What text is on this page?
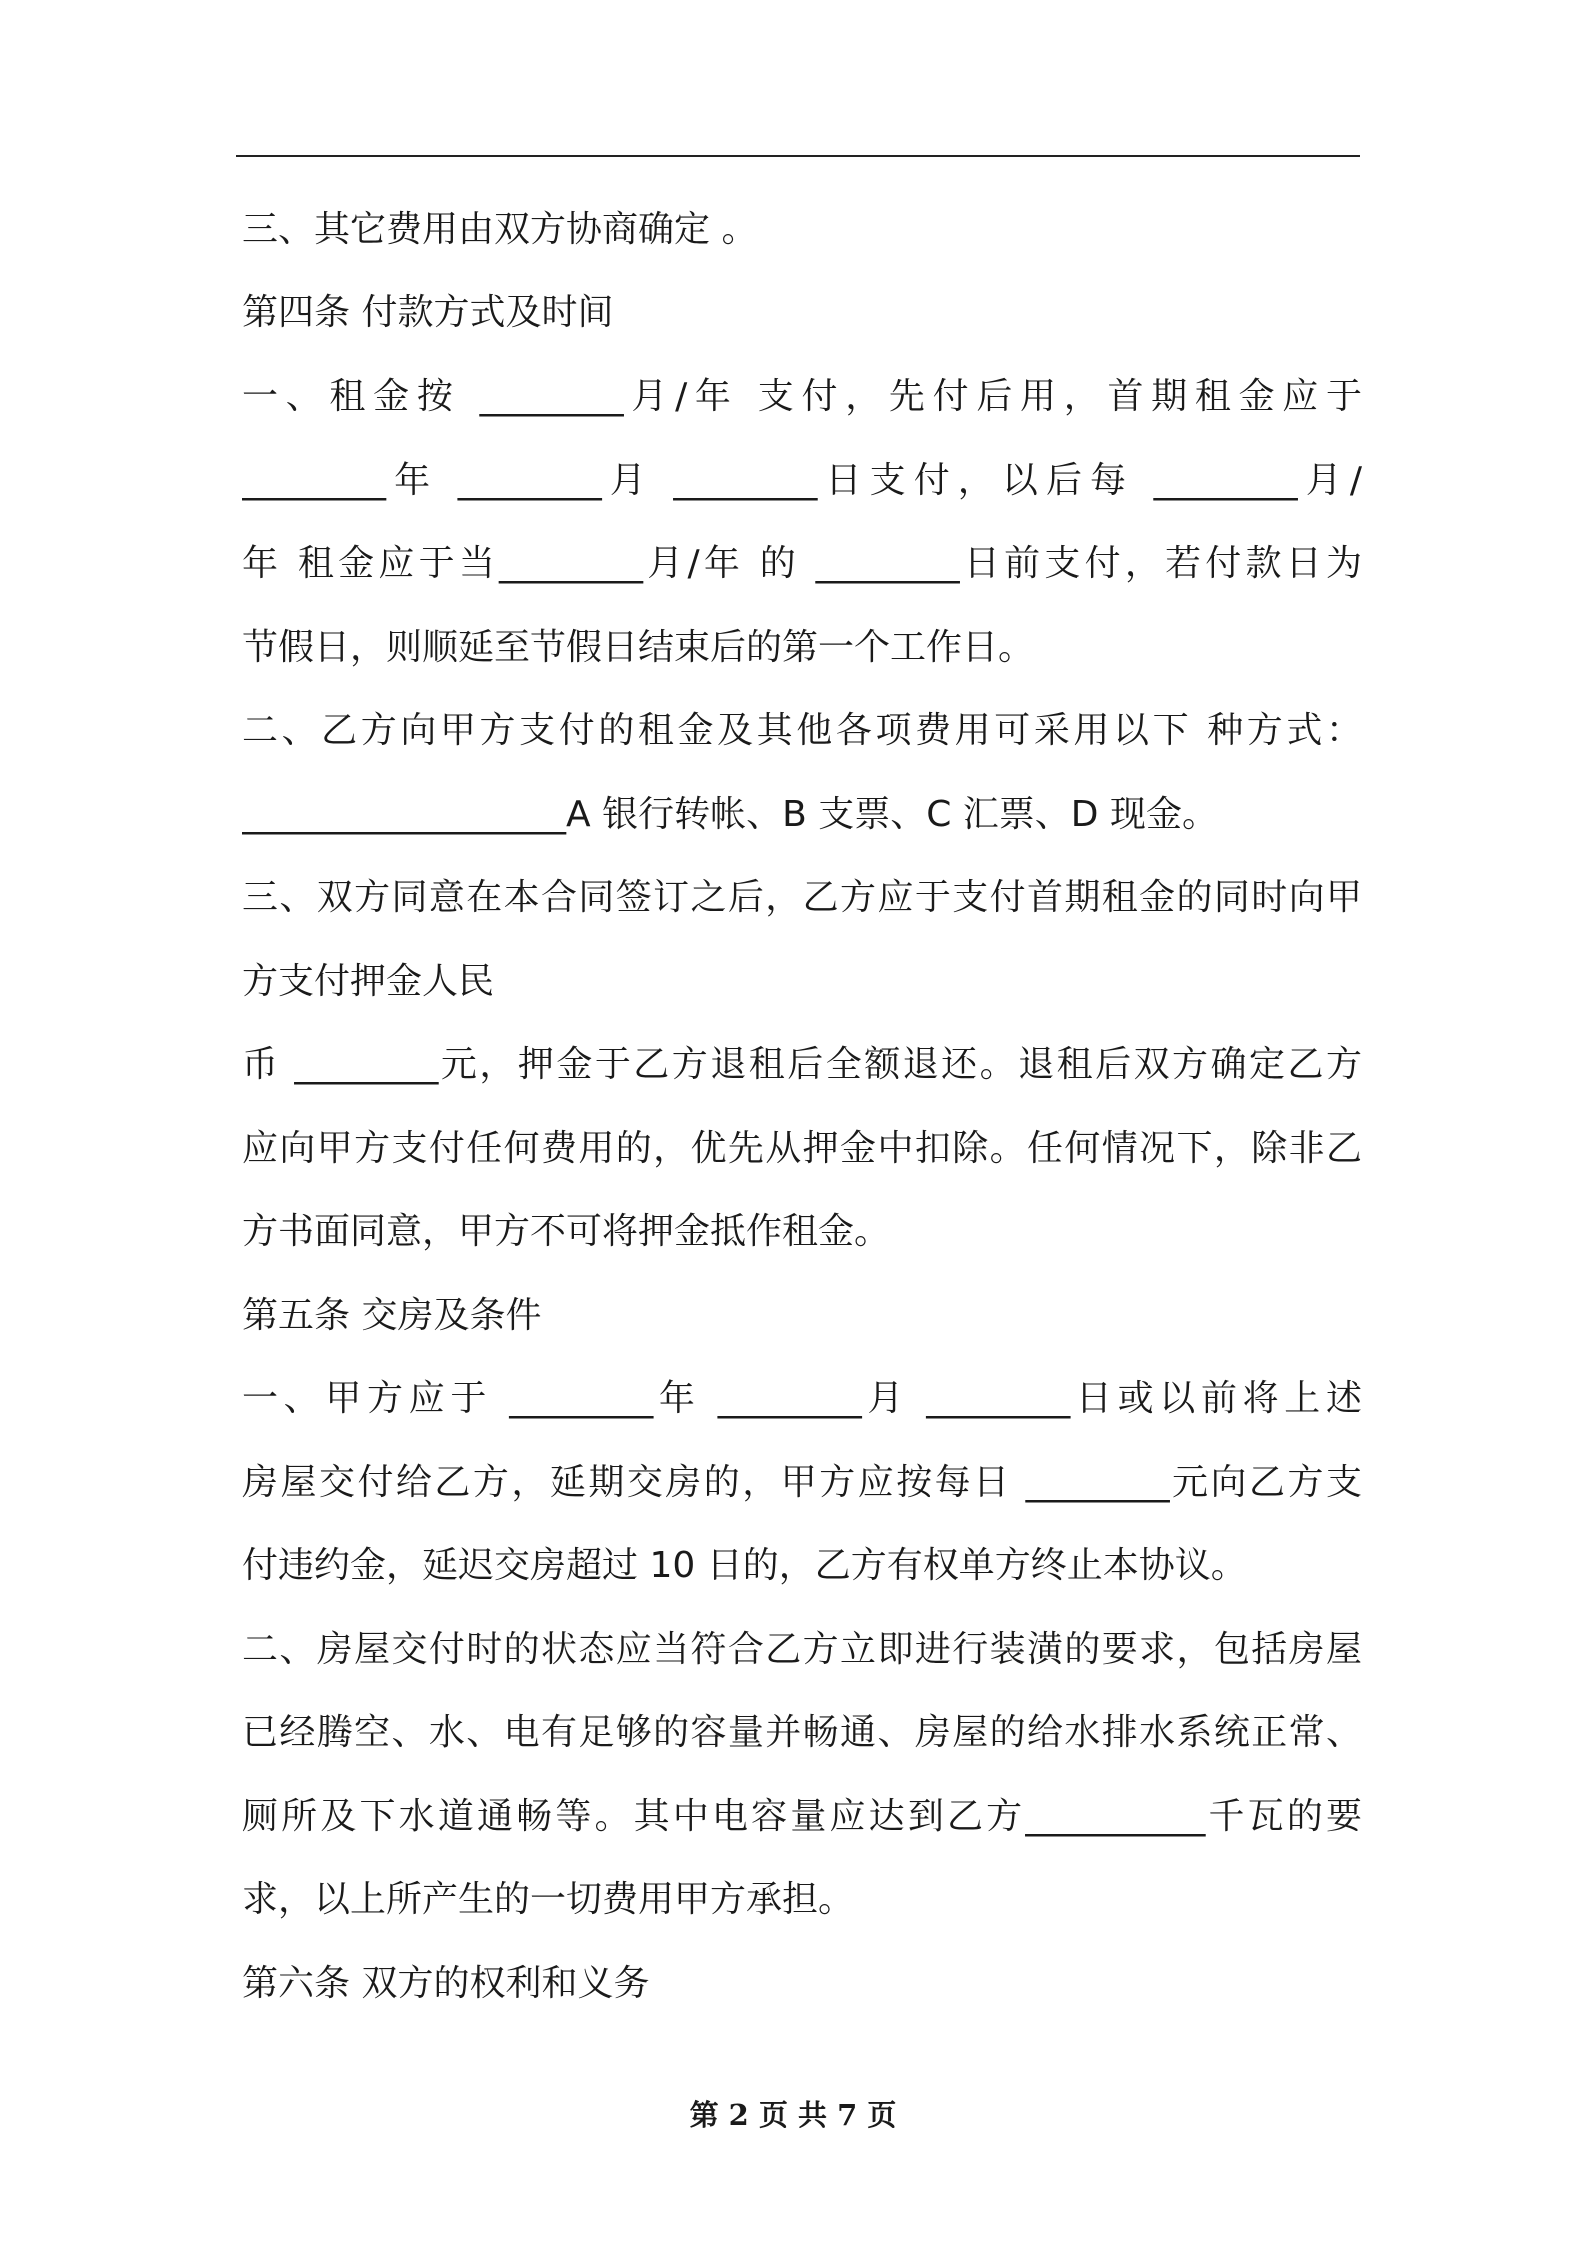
三、其它费用由双方协商确定 。
第四条 付款方式及时间
一、租金按 ________月/年 支付，先付后用，首期租金应于
________年 ________月 ________日支付，以后每 ________月/
年 租金应于当________月/年 的 ________日前支付，若付款日为
节假日，则顺延至节假日结束后的第一个工作日。
二、乙方向甲方支付的租金及其他各项费用可采用以下 种方式：
__________________A 银行转帐、B 支票、C 汇票、D 现金。
三、双方同意在本合同签订之后，乙方应于支付首期租金的同时向甲
方支付押金人民
币 ________元，押金于乙方退租后全额退还。退租后双方确定乙方
应向甲方支付任何费用的，优先从押金中扣除。任何情况下，除非乙
方书面同意，甲方不可将押金抵作租金。
第五条 交房及条件
一、甲方应于 ________年 ________月 ________日或以前将上述
房屋交付给乙方，延期交房的，甲方应按每日 ________元向乙方支
付违约金，延迟交房超过 10 日的，乙方有权单方终止本协议。
二、房屋交付时的状态应当符合乙方立即进行装潢的要求，包括房屋
已经腾空、水、电有足够的容量并畅通、房屋的给水排水系统正常、
厕所及下水道通畅等。其中电容量应达到乙方__________千瓦的要
求，以上所产生的一切费用甲方承担。
第六条 双方的权利和义务
第 2 页 共 7 页
